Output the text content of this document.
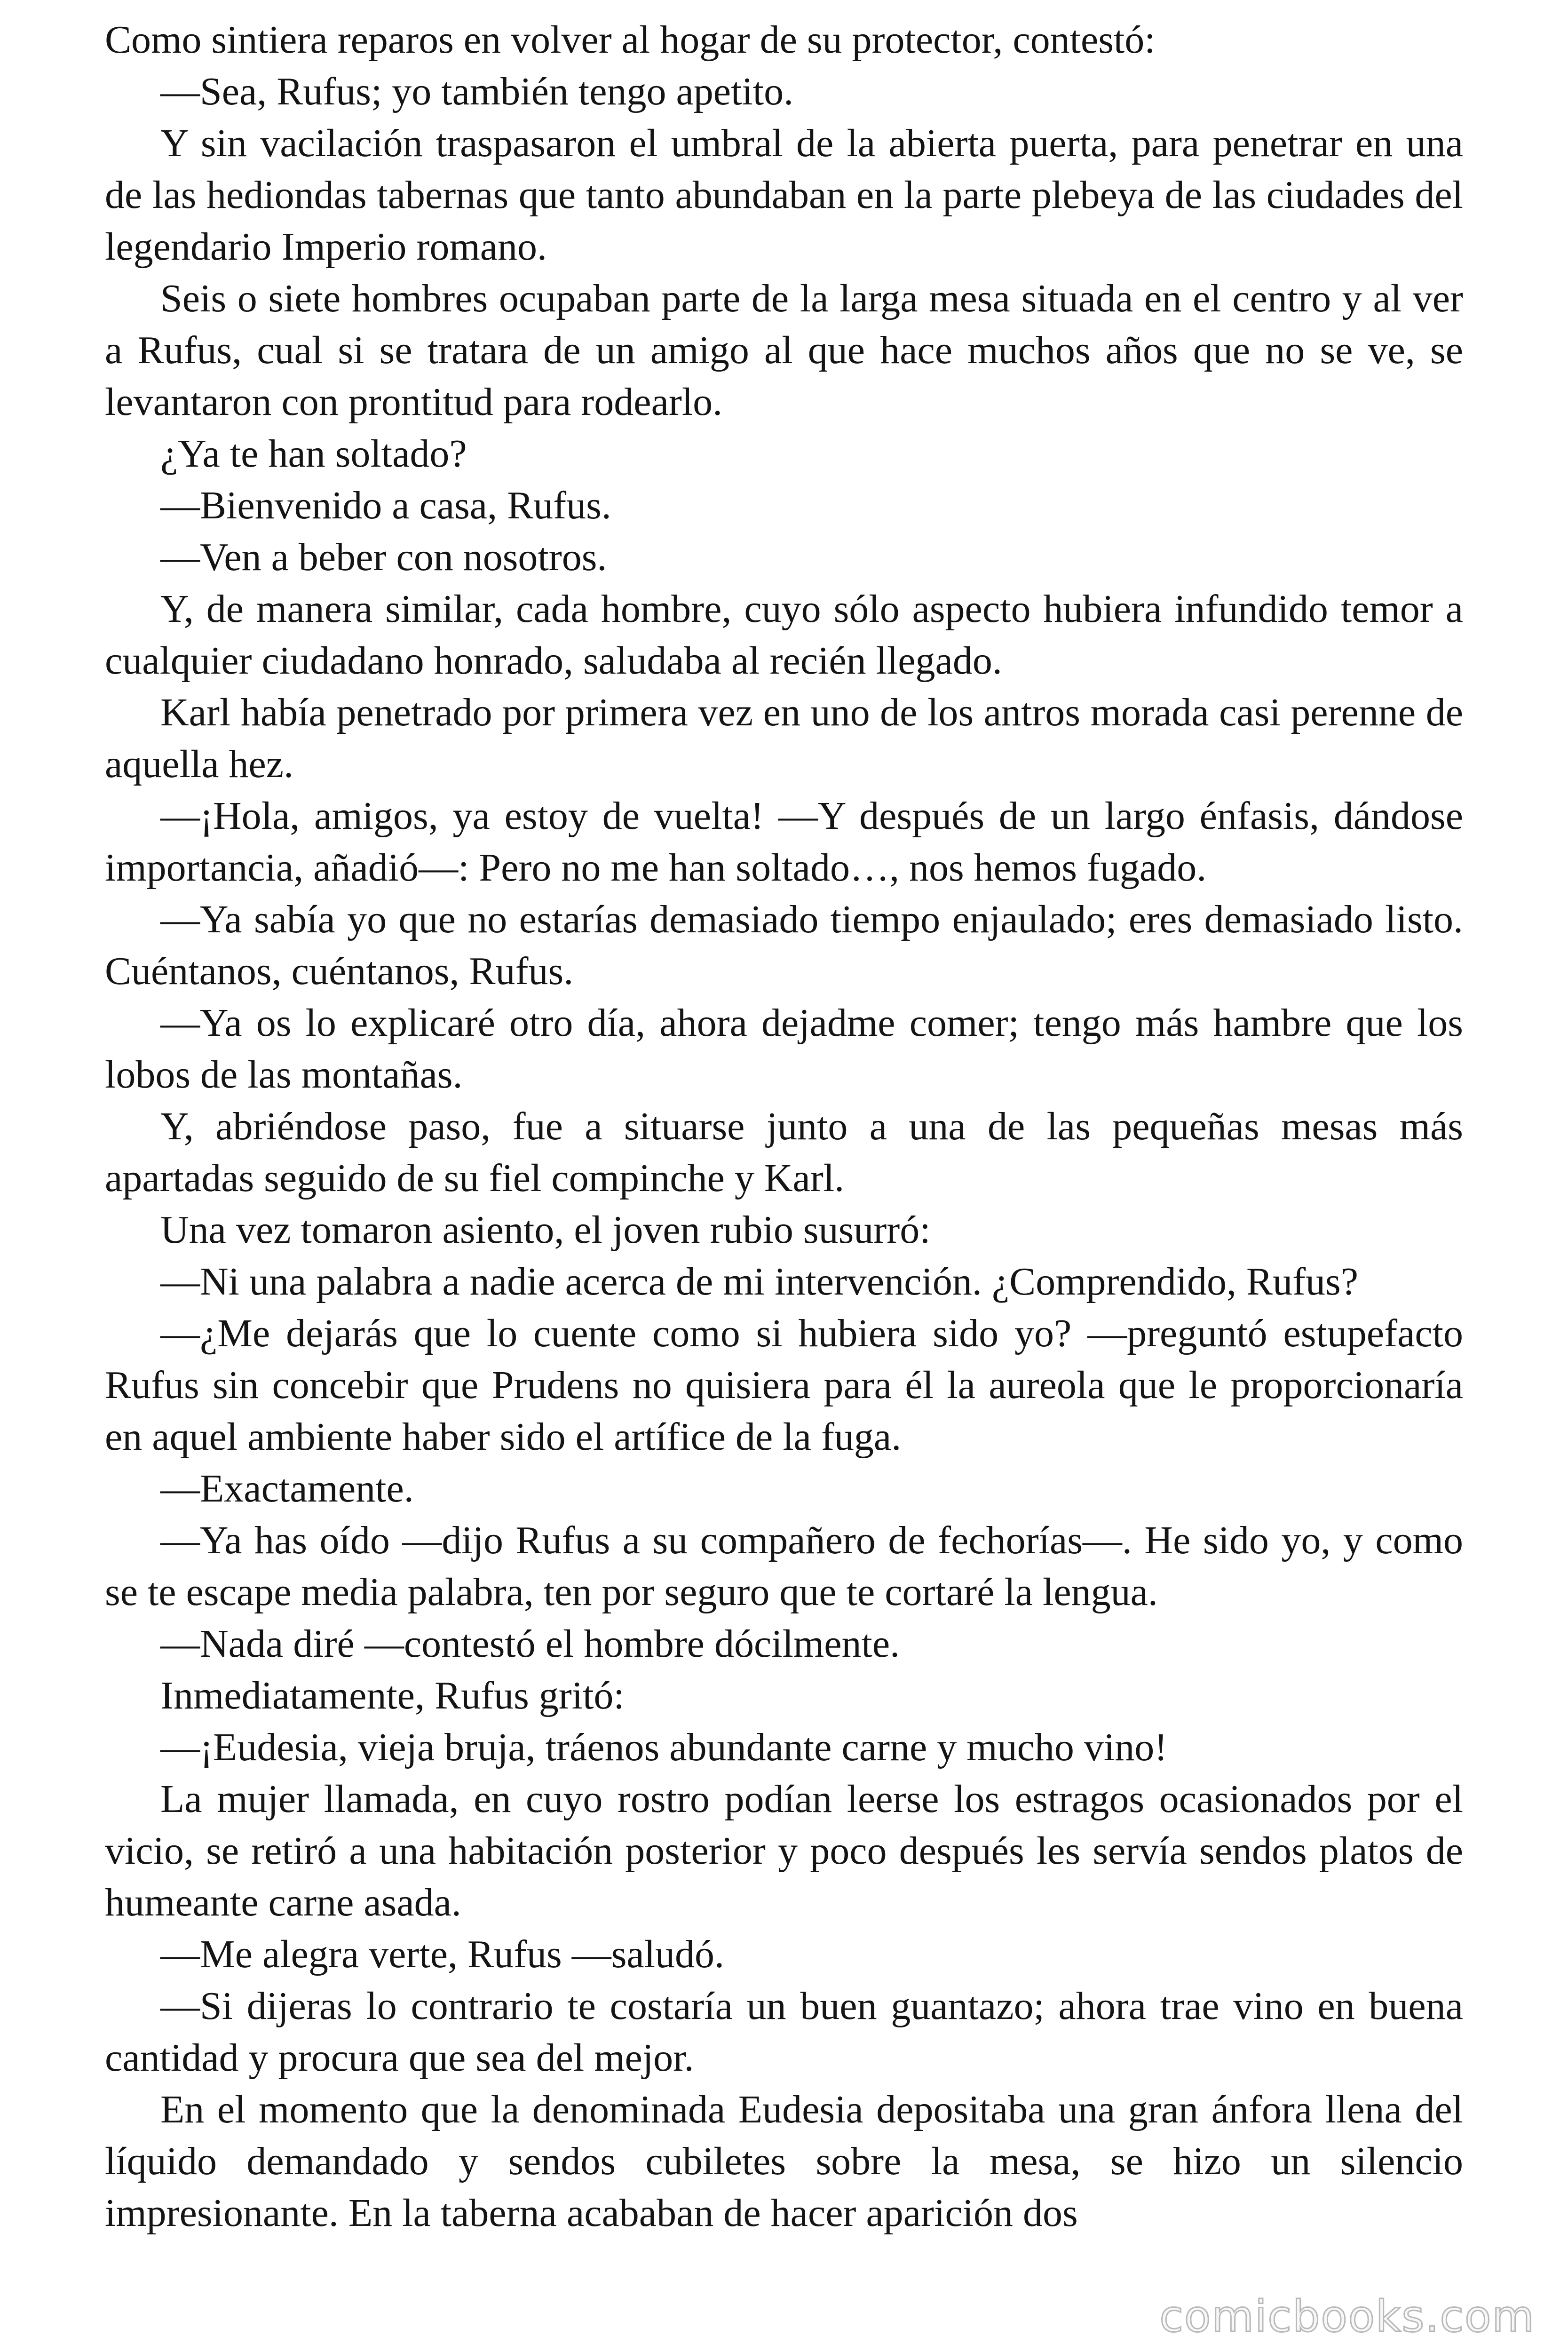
Como sintiera reparos en volver al hogar de su protector, contestó:

—Sea, Rufus; yo también tengo apetito.

Y sin vacilación traspasaron el umbral de la abierta puerta, para penetrar en una de las hediondas tabernas que tanto abundaban en la parte plebeya de las ciudades del legendario Imperio romano.

Seis o siete hombres ocupaban parte de la larga mesa situada en el centro y al ver a Rufus, cual si se tratara de un amigo al que hace muchos años que no se ve, se levantaron con prontitud para rodearlo.

¿Ya te han soltado?

—Bienvenido a casa, Rufus.

—Ven a beber con nosotros.

Y, de manera similar, cada hombre, cuyo sólo aspecto hubiera infundido temor a cualquier ciudadano honrado, saludaba al recién llegado.

Karl había penetrado por primera vez en uno de los antros morada casi perenne de aquella hez.

—¡Hola, amigos, ya estoy de vuelta! —Y después de un largo énfasis, dándose importancia, añadió—: Pero no me han soltado…, nos hemos fugado.

—Ya sabía yo que no estarías demasiado tiempo enjaulado; eres demasiado listo. Cuéntanos, cuéntanos, Rufus.

—Ya os lo explicaré otro día, ahora dejadme comer; tengo más hambre que los lobos de las montañas.

Y, abriéndose paso, fue a situarse junto a una de las pequeñas mesas más apartadas seguido de su fiel compinche y Karl.

Una vez tomaron asiento, el joven rubio susurró:

—Ni una palabra a nadie acerca de mi intervención. ¿Comprendido, Rufus?

—¿Me dejarás que lo cuente como si hubiera sido yo? —preguntó estupefacto Rufus sin concebir que Prudens no quisiera para él la aureola que le proporcionaría en aquel ambiente haber sido el artífice de la fuga.

—Exactamente.

—Ya has oído —dijo Rufus a su compañero de fechorías—. He sido yo, y como se te escape media palabra, ten por seguro que te cortaré la lengua.

—Nada diré —contestó el hombre dócilmente.

Inmediatamente, Rufus gritó:

—¡Eudesia, vieja bruja, tráenos abundante carne y mucho vino!

La mujer llamada, en cuyo rostro podían leerse los estragos ocasionados por el vicio, se retiró a una habitación posterior y poco después les servía sendos platos de humeante carne asada.

—Me alegra verte, Rufus —saludó.

—Si dijeras lo contrario te costaría un buen guantazo; ahora trae vino en buena cantidad y procura que sea del mejor.

En el momento que la denominada Eudesia depositaba una gran ánfora llena del líquido demandado y sendos cubiletes sobre la mesa, se hizo un silencio impresionante. En la taberna acababan de hacer aparición dos

comicbooks.com
